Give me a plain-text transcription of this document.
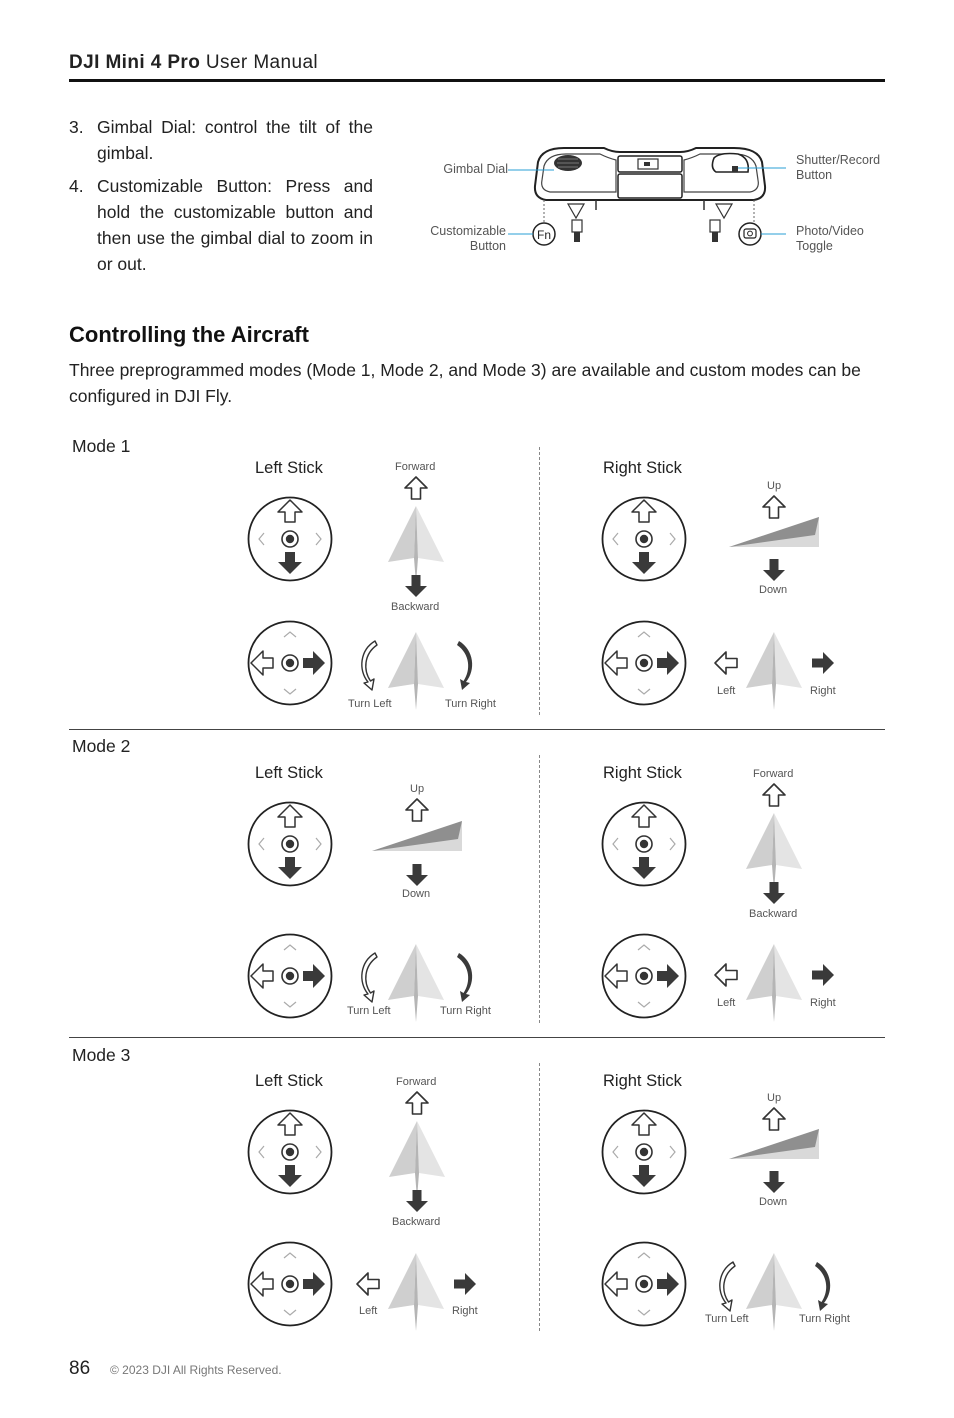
DJI Mini 4 Pro User Manual
3. Gimbal Dial: control the tilt of the gimbal.
4. Customizable Button: Press and hold the customizable button and then use the gimbal dial to zoom in or out.
Fn
Gimbal Dial
Customizable
Button
Shutter/Record
Button
Photo/Video
Toggle
Controlling the Aircraft
Three preprogrammed modes (Mode 1, Mode 2, and Mode 3) are available and custom modes can be configured in DJI Fly.
Mode 1
Left Stick	Right Stick
Forward
Backward
Turn Left	Turn Right
Up
Down
Left	Right
Mode 2
Left Stick	Right Stick
Up
Down
Turn Left	Turn Right
Forward
Backward
Left	Right
Mode 3
Left Stick	Right Stick
Forward
Backward
Left	Right
Up
Down
Turn Left	Turn Right
86 © 2023 DJI All Rights Reserved.
